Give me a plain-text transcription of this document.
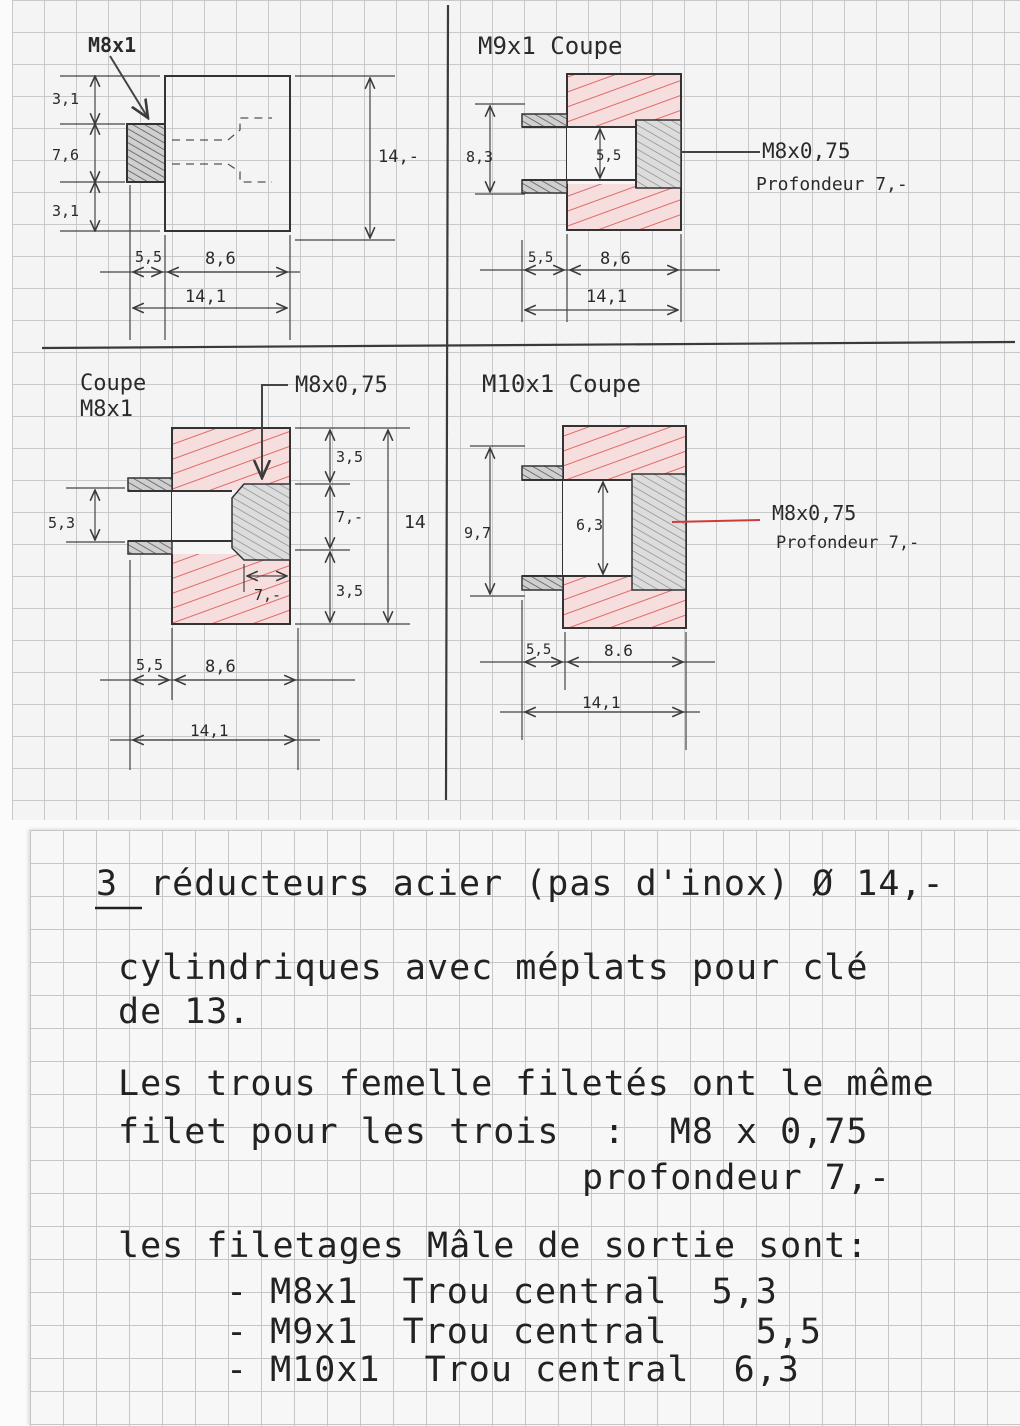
M8x1
3,1
7,6
3,1
14,-
5,5	8,6
14,1
M9x1 Coupe
8,3	5,5	M8x0,75
Profondeur 7,-
5,5	8,6
14,1
Coupe
M8x1
M8x0,75
5,3
3,5
7,-
3,5
14
7,-
5,5 8,6
14,1
M10x1 Coupe
9,7	6,3	M8x0,75
Profondeur 7,-
5,5	8.6
14,1
3 réducteurs acier (pas d'inox) Ø 14,-
cylindriques avec méplats pour clé
de 13.
Les trous femelle filetés ont le même
filet pour les trois  :  M8 x 0,75
profondeur 7,-
les filetages Mâle de sortie sont:
- M8x1  Trou central  5,3
- M9x1  Trou central    5,5
- M10x1  Trou central  6,3
